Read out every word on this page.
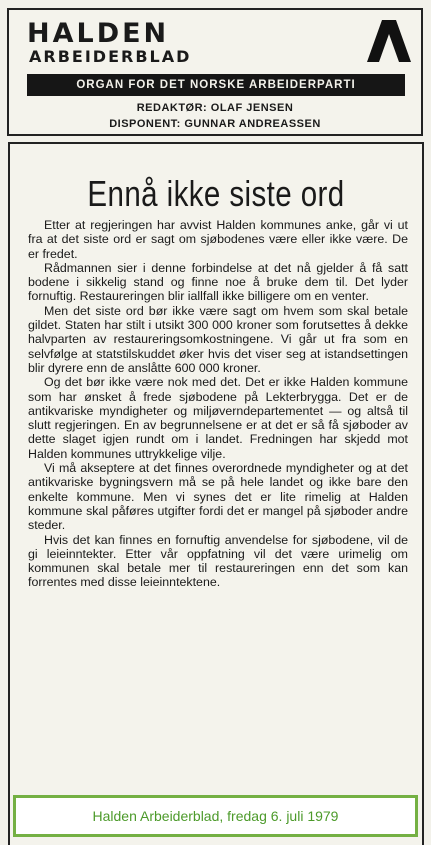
HALDEN
ARBEIDERBLAD
ORGAN FOR DET NORSKE ARBEIDERPARTI
REDAKTØR: OLAF JENSEN
DISPONENT: GUNNAR ANDREASSEN
Ennå ikke siste ord

Etter at regjeringen har avvist Halden kommunes anke, går vi ut fra at det siste ord er sagt om sjøbodenes være eller ikke være. De er fredet.

Rådmannen sier i denne forbindelse at det nå gjelder å få satt bodene i sikkelig stand og finne noe å bruke dem til. Det lyder fornuftig. Restaureringen blir iallfall ikke billigere om en venter.

Men det siste ord bør ikke være sagt om hvem som skal betale gildet. Staten har stilt i utsikt 300 000 kroner som forutsettes å dekke halvparten av restaureringsomkostningene. Vi går ut fra som en selvfølge at statstilskuddet øker hvis det viser seg at istandsettingen blir dyrere enn de anslåtte 600 000 kroner.

Og det bør ikke være nok med det. Det er ikke Halden kommune som har ønsket å frede sjøbodene på Lekterbrygga. Det er de antikvariske myndigheter og miljøverndepartementet — og altså til slutt regjeringen. En av begrunnelsene er at det er så få sjøboder av dette slaget igjen rundt om i landet. Fredningen har skjedd mot Halden kommunes uttrykkelige vilje.

Vi må akseptere at det finnes overordnede myndigheter og at det antikvariske bygningsvern må se på hele landet og ikke bare den enkelte kommune. Men vi synes det er lite rimelig at Halden kommune skal påføres utgifter fordi det er mangel på sjøboder andre steder.

Hvis det kan finnes en fornuftig anvendelse for sjøbodene, vil de gi leieinntekter. Etter vår oppfatning vil det være urimelig om kommunen skal betale mer til restaureringen enn det som kan forrentes med disse leieinntektene.

Halden Arbeiderblad, fredag 6. juli 1979
